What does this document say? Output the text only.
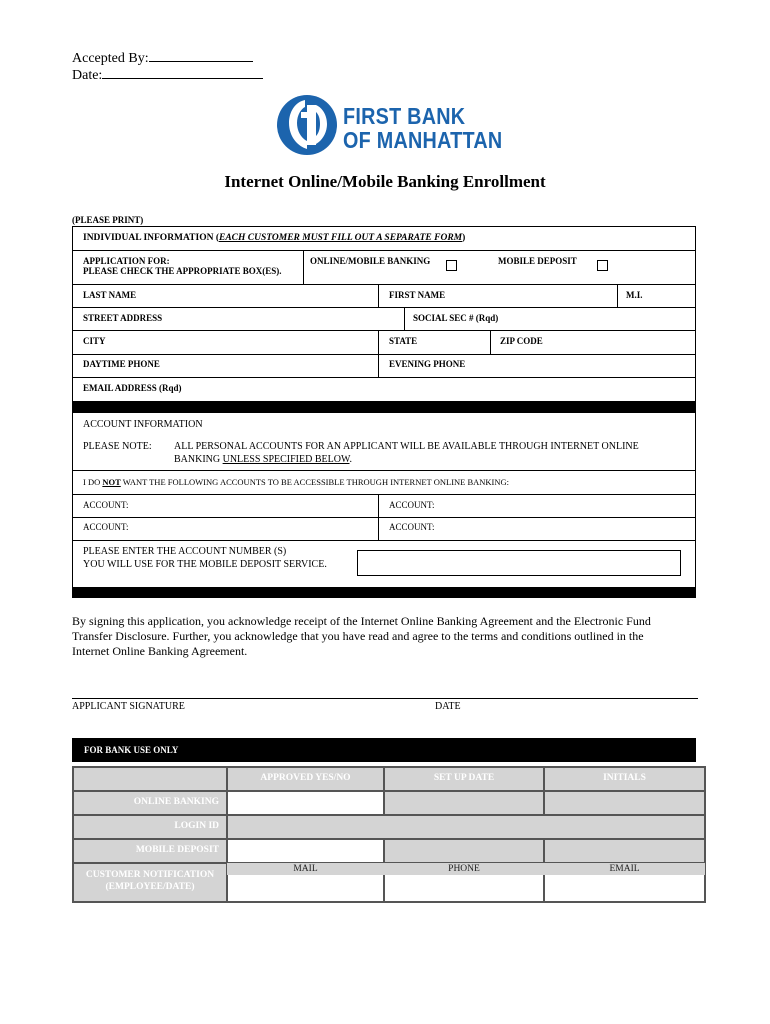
Accepted By:
Date:
FIRST BANK
OF MANHATTAN
Internet Online/Mobile Banking Enrollment
(PLEASE PRINT)
INDIVIDUAL INFORMATION (EACH CUSTOMER MUST FILL OUT A SEPARATE FORM)
APPLICATION FOR:
PLEASE CHECK THE APPROPRIATE BOX(ES).
ONLINE/MOBILE BANKING	MOBILE DEPOSIT
LAST NAME	FIRST NAME	M.I.
STREET ADDRESS	SOCIAL SEC # (Rqd)
CITY	STATE	ZIP CODE
DAYTIME PHONE	EVENING PHONE
EMAIL ADDRESS (Rqd)
ACCOUNT INFORMATION
PLEASE NOTE: ALL PERSONAL ACCOUNTS FOR AN APPLICANT WILL BE AVAILABLE THROUGH INTERNET ONLINE
BANKING UNLESS SPECIFIED BELOW.
I DO NOT WANT THE FOLLOWING ACCOUNTS TO BE ACCESSIBLE THROUGH INTERNET ONLINE BANKING:
ACCOUNT:	ACCOUNT:
ACCOUNT:	ACCOUNT:
PLEASE ENTER THE ACCOUNT NUMBER (S)
YOU WILL USE FOR THE MOBILE DEPOSIT SERVICE.
By signing this application, you acknowledge receipt of the Internet Online Banking Agreement and the Electronic Fund
Transfer Disclosure. Further, you acknowledge that you have read and agree to the terms and conditions outlined in the
Internet Online Banking Agreement.
APPLICANT SIGNATURE	DATE
FOR BANK USE ONLY
APPROVED YES/NO	SET UP DATE	INITIALS
ONLINE BANKING
LOGIN ID
MOBILE DEPOSIT
CUSTOMER NOTIFICATION
(EMPLOYEE/DATE)
MAIL	PHONE	EMAIL
